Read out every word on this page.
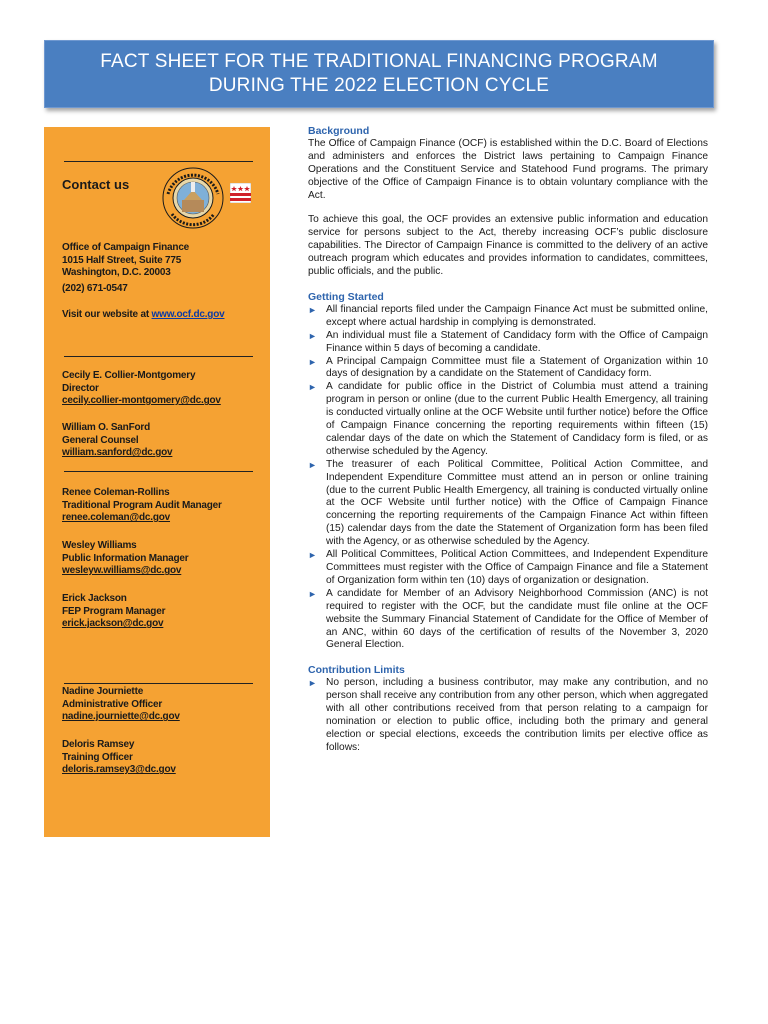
FACT SHEET FOR THE TRADITIONAL FINANCING PROGRAM
DURING THE 2022 ELECTION CYCLE
Contact us
Office of Campaign Finance
1015 Half Street, Suite 775
Washington, D.C. 20003
(202) 671-0547
Visit our website at www.ocf.dc.gov
Cecily E. Collier-Montgomery
Director
cecily.collier-montgomery@dc.gov
William O. SanFord
General Counsel
william.sanford@dc.gov
Renee Coleman-Rollins
Traditional Program Audit Manager
renee.coleman@dc.gov
Wesley Williams
Public Information Manager
wesleyw.williams@dc.gov
Erick Jackson
FEP Program Manager
erick.jackson@dc.gov
Nadine Journiette
Administrative Officer
nadine.journiette@dc.gov
Deloris Ramsey
Training Officer
deloris.ramsey3@dc.gov

Background

The Office of Campaign Finance (OCF) is established within the D.C. Board of Elections and administers and enforces the District laws pertaining to Campaign Finance Operations and the Constituent Service and Statehood Fund programs. The primary objective of the Office of Campaign Finance is to obtain voluntary compliance with the Act.

To achieve this goal, the OCF provides an extensive public information and education service for persons subject to the Act, thereby increasing OCF’s public disclosure capabilities. The Director of Campaign Finance is committed to the delivery of an active outreach program which educates and provides information to candidates, committees, public officials, and the public.

Getting Started

► All financial reports filed under the Campaign Finance Act must be submitted online, except where actual hardship in complying is demonstrated.
► An individual must file a Statement of Candidacy form with the Office of Campaign Finance within 5 days of becoming a candidate.
► A Principal Campaign Committee must file a Statement of Organization within 10 days of designation by a candidate on the Statement of Candidacy form.
► A candidate for public office in the District of Columbia must attend a training program in person or online (due to the current Public Health Emergency, all training is conducted virtually online at the OCF Website until further notice) before the Office of Campaign Finance concerning the reporting requirements within fifteen (15) calendar days of the date on which the Statement of Candidacy form is filed, or as otherwise scheduled by the Agency.
► The treasurer of each Political Committee, Political Action Committee, and Independent Expenditure Committee must attend an in person or online training (due to the current Public Health Emergency, all training is conducted virtually online at the OCF Website until further notice) with the Office of Campaign Finance concerning the reporting requirements of the Campaign Finance Act within fifteen (15) calendar days from the date the Statement of Organization form has been filed with the Agency, or as otherwise scheduled by the Agency.
► All Political Committees, Political Action Committees, and Independent Expenditure Committees must register with the Office of Campaign Finance and file a Statement of Organization form within ten (10) days of organization or designation.
► A candidate for Member of an Advisory Neighborhood Commission (ANC) is not required to register with the OCF, but the candidate must file online at the OCF website the Summary Financial Statement of Candidate for the Office of Member of an ANC, within 60 days of the certification of results of the November 3, 2020 General Election.

Contribution Limits

► No person, including a business contributor, may make any contribution, and no person shall receive any contribution from any other person, which when aggregated with all other contributions received from that person relating to a campaign for nomination or election to public office, including both the primary and general election or special elections, exceeds the contribution limits per elective office as follows:
